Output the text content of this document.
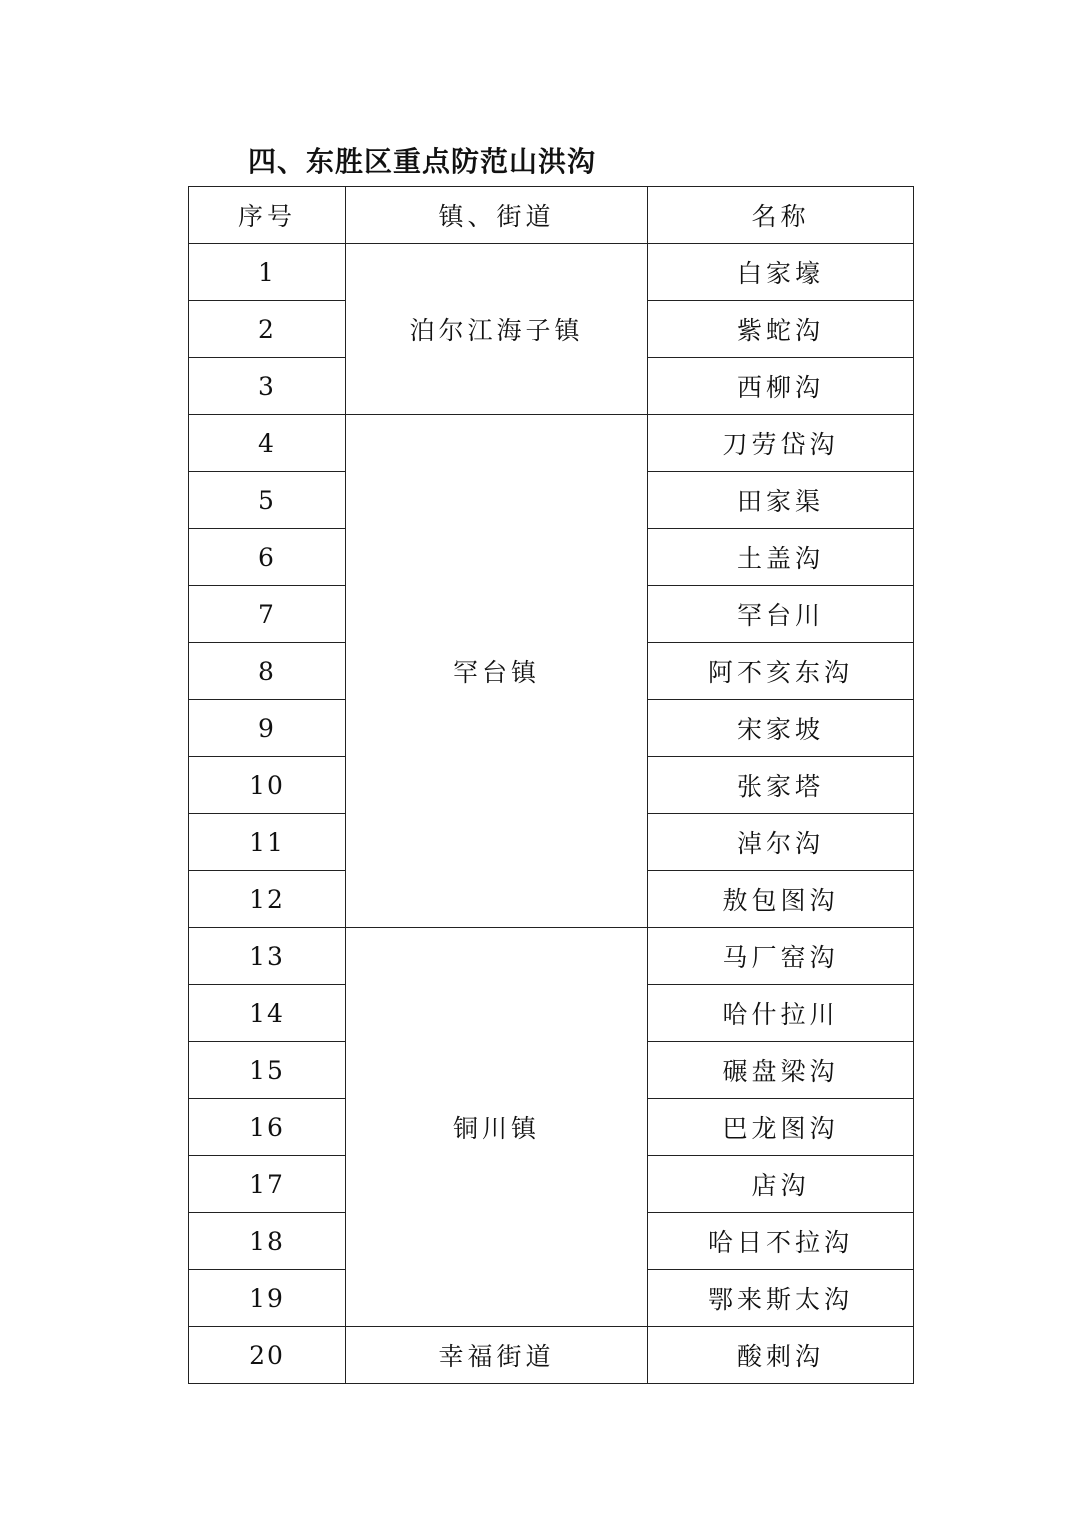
四、东胜区重点防范山洪沟
序号	镇、街道	名称
1	泊尔江海子镇	白家壕
2		紫蛇沟
3		西柳沟
4	罕台镇	刀劳岱沟
5		田家渠
6		土盖沟
7		罕台川
8		阿不亥东沟
9		宋家坡
10		张家塔
11		淖尔沟
12		敖包图沟
13	铜川镇	马厂窑沟
14		哈什拉川
15		碾盘梁沟
16		巴龙图沟
17		店沟
18		哈日不拉沟
19		鄂来斯太沟
20	幸福街道	酸刺沟
